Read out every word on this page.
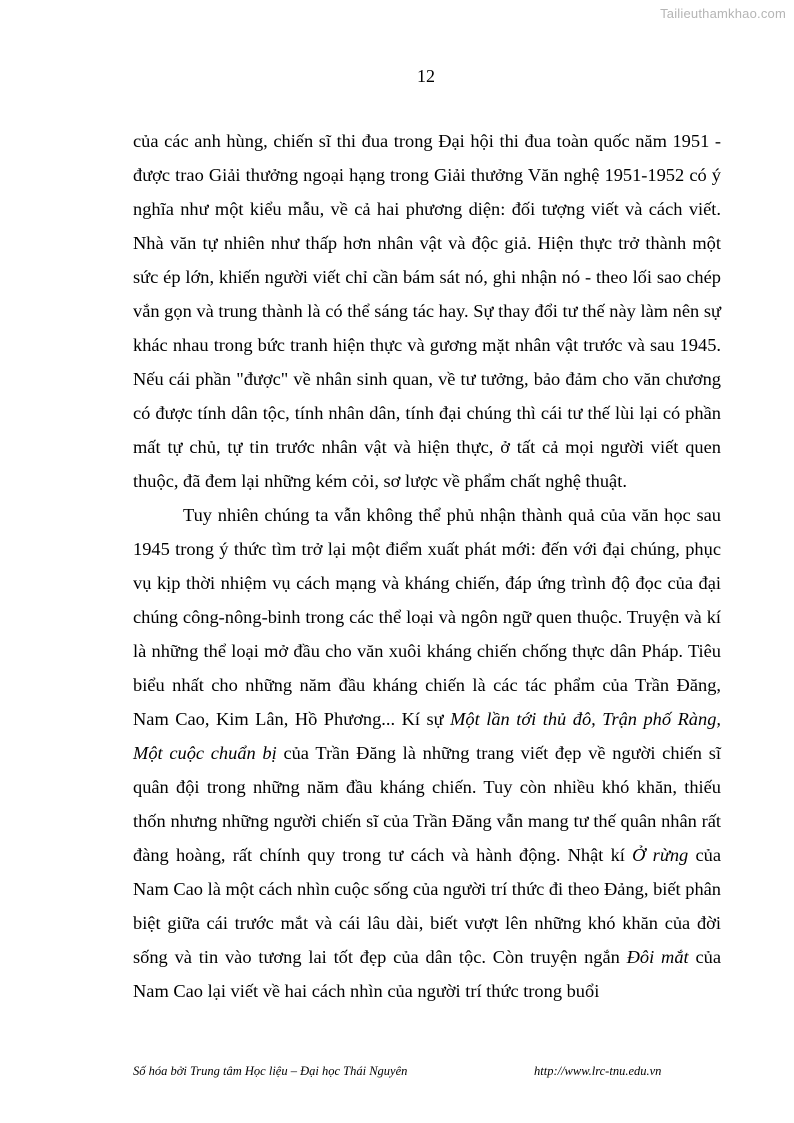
Tailieuthamkhao.com
12

của các anh hùng, chiến sĩ thi đua trong Đại hội thi đua toàn quốc năm 1951 - được trao Giải thưởng ngoại hạng trong Giải thưởng Văn nghệ 1951-1952 có ý nghĩa như một kiểu mẫu, về cả hai phương diện: đối tượng viết và cách viết. Nhà văn tự nhiên như thấp hơn nhân vật và độc giả. Hiện thực trở thành một sức ép lớn, khiến người viết chỉ cần bám sát nó, ghi nhận nó - theo lối sao chép vắn gọn và trung thành là có thể sáng tác hay. Sự thay đổi tư thế này làm nên sự khác nhau trong bức tranh hiện thực và gương mặt nhân vật trước và sau 1945. Nếu cái phần "được" về nhân sinh quan, về tư tưởng, bảo đảm cho văn chương có được tính dân tộc, tính nhân dân, tính đại chúng thì cái tư thế lùi lại có phần mất tự chủ, tự tin trước nhân vật và hiện thực, ở tất cả mọi người viết quen thuộc, đã đem lại những kém cỏi, sơ lược về phẩm chất nghệ thuật.

Tuy nhiên chúng ta vẫn không thể phủ nhận thành quả của văn học sau 1945 trong ý thức tìm trở lại một điểm xuất phát mới: đến với đại chúng, phục vụ kịp thời nhiệm vụ cách mạng và kháng chiến, đáp ứng trình độ đọc của đại chúng công-nông-binh trong các thể loại và ngôn ngữ quen thuộc. Truyện và kí là những thể loại mở đầu cho văn xuôi kháng chiến chống thực dân Pháp. Tiêu biểu nhất cho những năm đầu kháng chiến là các tác phẩm của Trần Đăng, Nam Cao, Kim Lân, Hồ Phương... Kí sự Một lần tới thủ đô, Trận phố Ràng, Một cuộc chuẩn bị của Trần Đăng là những trang viết đẹp về người chiến sĩ quân đội trong những năm đầu kháng chiến. Tuy còn nhiều khó khăn, thiếu thốn nhưng những người chiến sĩ của Trần Đăng vẫn mang tư thế quân nhân rất đàng hoàng, rất chính quy trong tư cách và hành động. Nhật kí Ở rừng của Nam Cao là một cách nhìn cuộc sống của người trí thức đi theo Đảng, biết phân biệt giữa cái trước mắt và cái lâu dài, biết vượt lên những khó khăn của đời sống và tin vào tương lai tốt đẹp của dân tộc. Còn truyện ngắn Đôi mắt của Nam Cao lại viết về hai cách nhìn của người trí thức trong buổi

Số hóa bởi Trung tâm Học liệu – Đại học Thái Nguyên	http://www.lrc-tnu.edu.vn
